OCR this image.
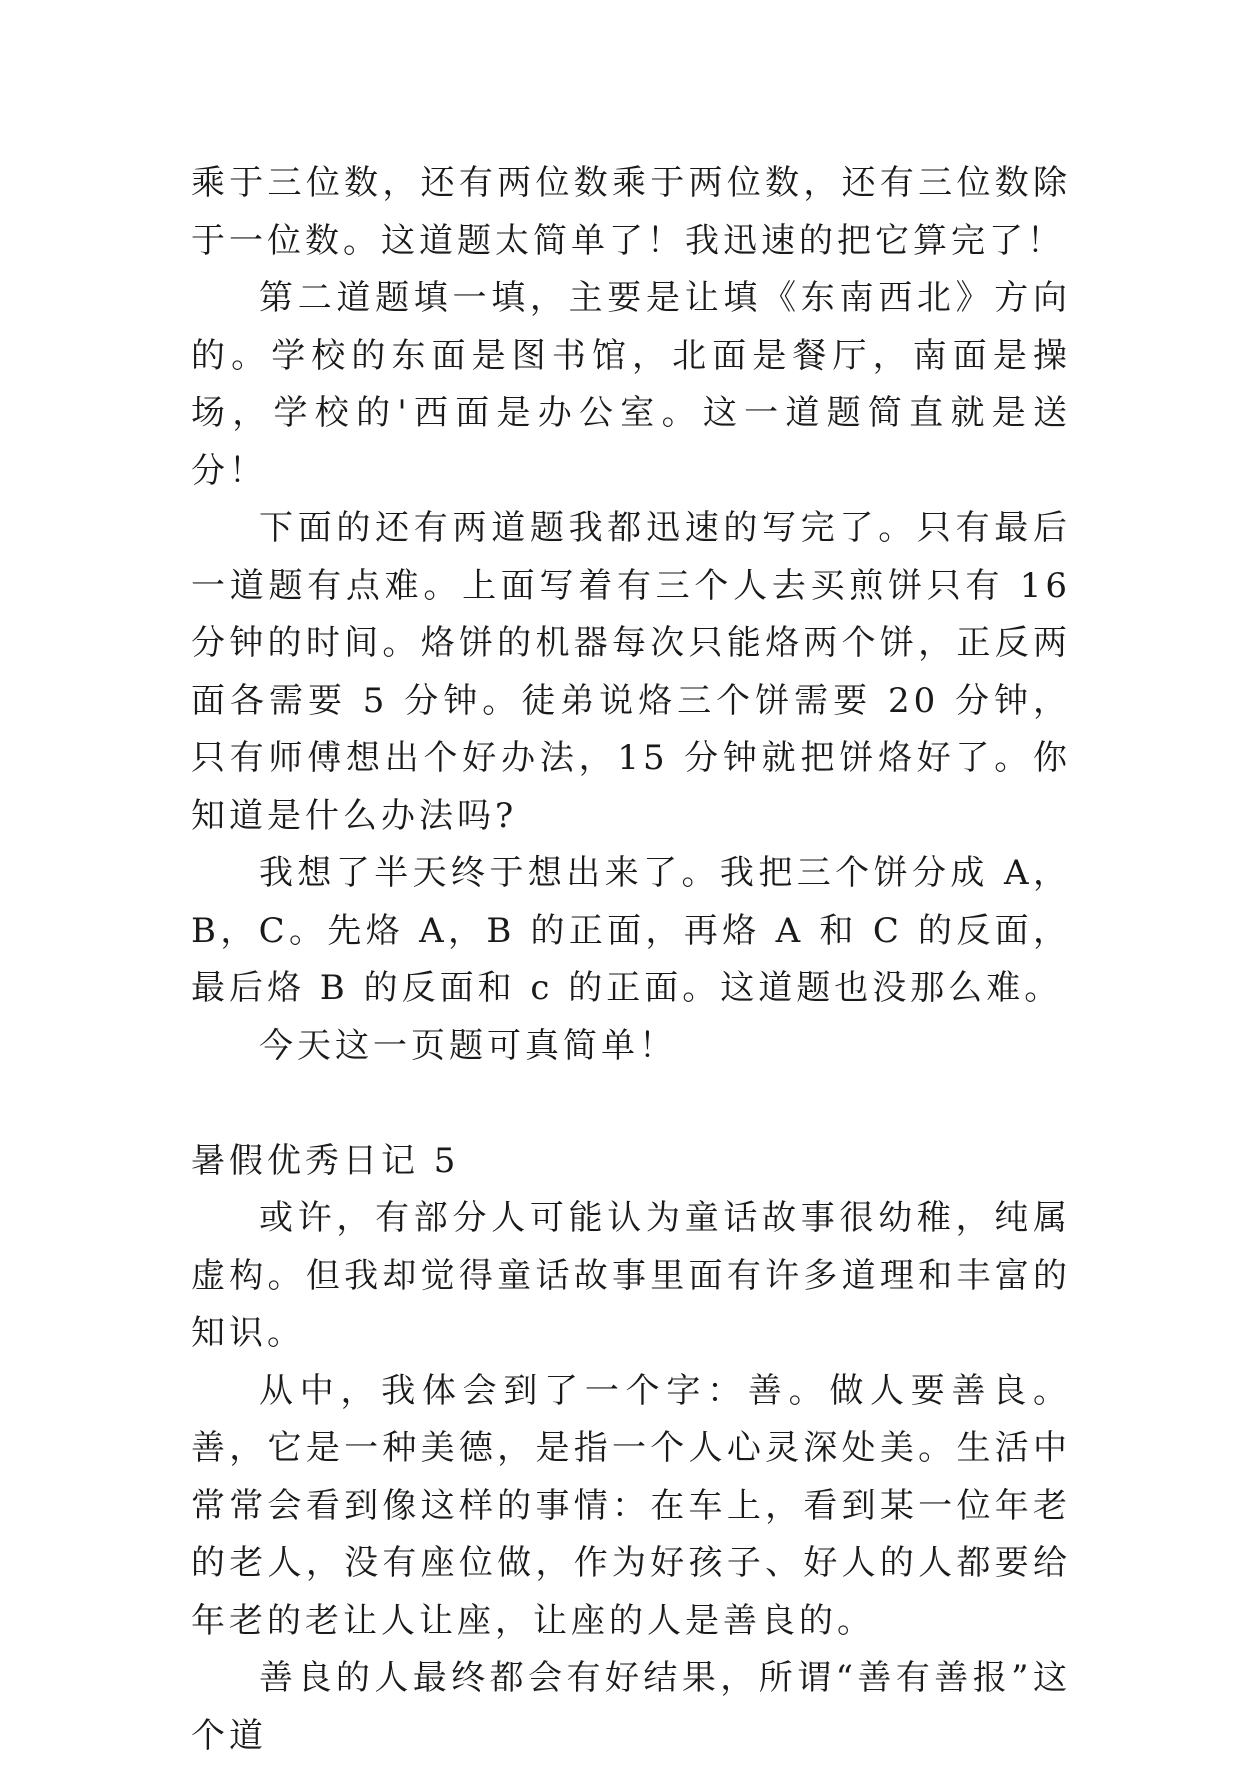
乘于三位数，还有两位数乘于两位数，还有三位数除于一位数。这道题太简单了！我迅速的把它算完了！

第二道题填一填，主要是让填《东南西北》方向的。学校的东面是图书馆，北面是餐厅，南面是操场，学校的'西面是办公室。这一道题简直就是送分！

下面的还有两道题我都迅速的写完了。只有最后一道题有点难。上面写着有三个人去买煎饼只有 16 分钟的时间。烙饼的机器每次只能烙两个饼，正反两面各需要 5 分钟。徒弟说烙三个饼需要 20 分钟，只有师傅想出个好办法，15 分钟就把饼烙好了。你知道是什么办法吗?

我想了半天终于想出来了。我把三个饼分成 A，B，C。先烙 A，B 的正面，再烙 A 和 C 的反面，最后烙 B 的反面和 c 的正面。这道题也没那么难。

今天这一页题可真简单！

暑假优秀日记 5

或许，有部分人可能认为童话故事很幼稚，纯属虚构。但我却觉得童话故事里面有许多道理和丰富的知识。

从中，我体会到了一个字：善。做人要善良。善，它是一种美德，是指一个人心灵深处美。生活中常常会看到像这样的事情：在车上，看到某一位年老的老人，没有座位做，作为好孩子、好人的人都要给年老的老让人让座，让座的人是善良的。

善良的人最终都会有好结果，所谓“善有善报”这个道
